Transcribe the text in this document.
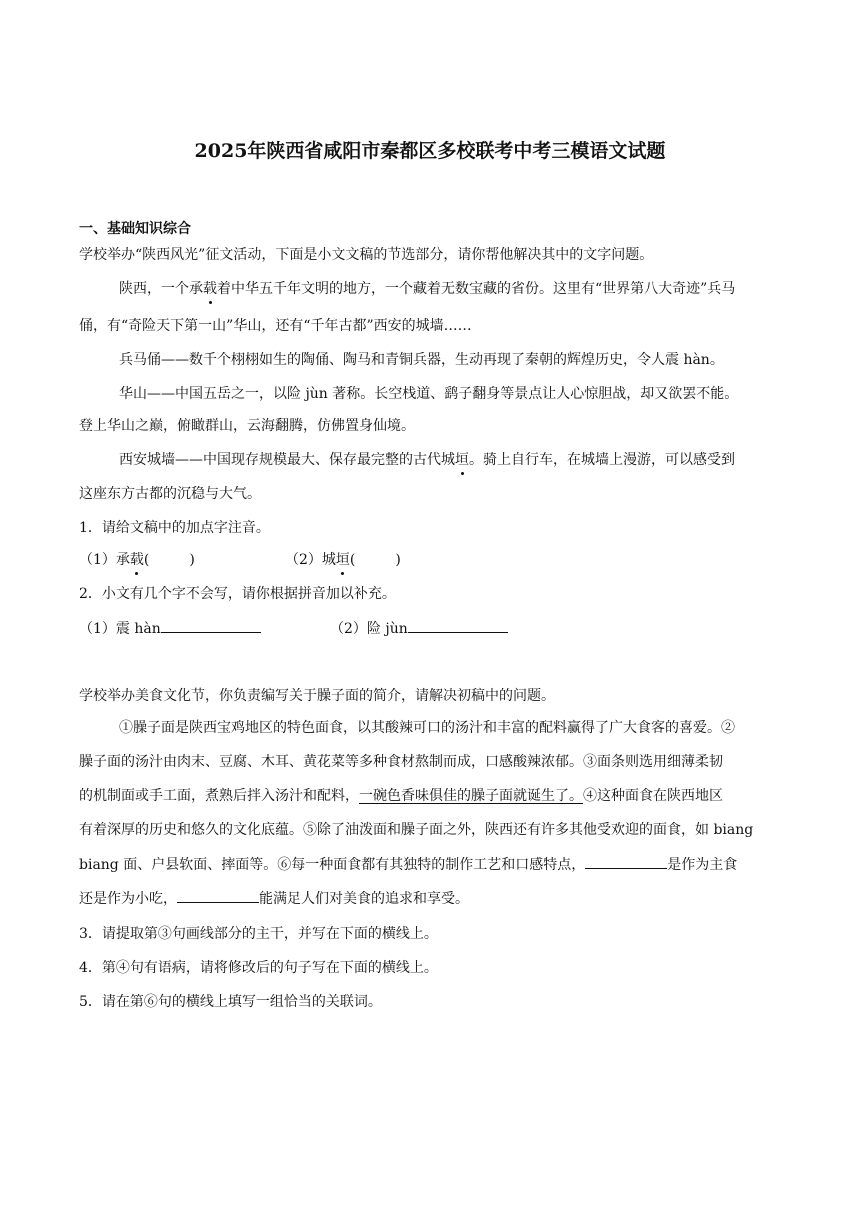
2025年陕西省咸阳市秦都区多校联考中考三模语文试题
一、基础知识综合
学校举办“陕西风光”征文活动，下面是小文文稿的节选部分，请你帮他解决其中的文字问题。
陕西，一个承载着中华五千年文明的地方，一个藏着无数宝藏的省份。这里有“世界第八大奇迹”兵马
俑，有“奇险天下第一山”华山，还有“千年古都”西安的城墙……
兵马俑——数千个栩栩如生的陶俑、陶马和青铜兵器，生动再现了秦朝的辉煌历史，令人震 hàn。
华山——中国五岳之一，以险 jùn 著称。长空栈道、鹞子翻身等景点让人心惊胆战，却又欲罢不能。
登上华山之巅，俯瞰群山，云海翻腾，仿佛置身仙境。
西安城墙——中国现存规模最大、保存最完整的古代城垣。骑上自行车，在城墙上漫游，可以感受到
这座东方古都的沉稳与大气。
1．请给文稿中的加点字注音。
（1）承载(	)	（2）城垣(	)
2．小文有几个字不会写，请你根据拼音加以补充。
（1）震 hàn	（2）险 jùn
学校举办美食文化节，你负责编写关于臊子面的简介，请解决初稿中的问题。
①臊子面是陕西宝鸡地区的特色面食，以其酸辣可口的汤汁和丰富的配料赢得了广大食客的喜爱。②
臊子面的汤汁由肉末、豆腐、木耳、黄花菜等多种食材熬制而成，口感酸辣浓郁。③面条则选用细薄柔韧
的机制面或手工面，煮熟后拌入汤汁和配料，一碗色香味俱佳的臊子面就诞生了。④这种面食在陕西地区
有着深厚的历史和悠久的文化底蕴。⑤除了油泼面和臊子面之外，陕西还有许多其他受欢迎的面食，如 biang
biang 面、户县软面、摔面等。⑥每一种面食都有其独特的制作工艺和口感特点，	是作为主食
还是作为小吃，	能满足人们对美食的追求和享受。
3．请提取第③句画线部分的主干，并写在下面的横线上。
4．第④句有语病，请将修改后的句子写在下面的横线上。
5．请在第⑥句的横线上填写一组恰当的关联词。
